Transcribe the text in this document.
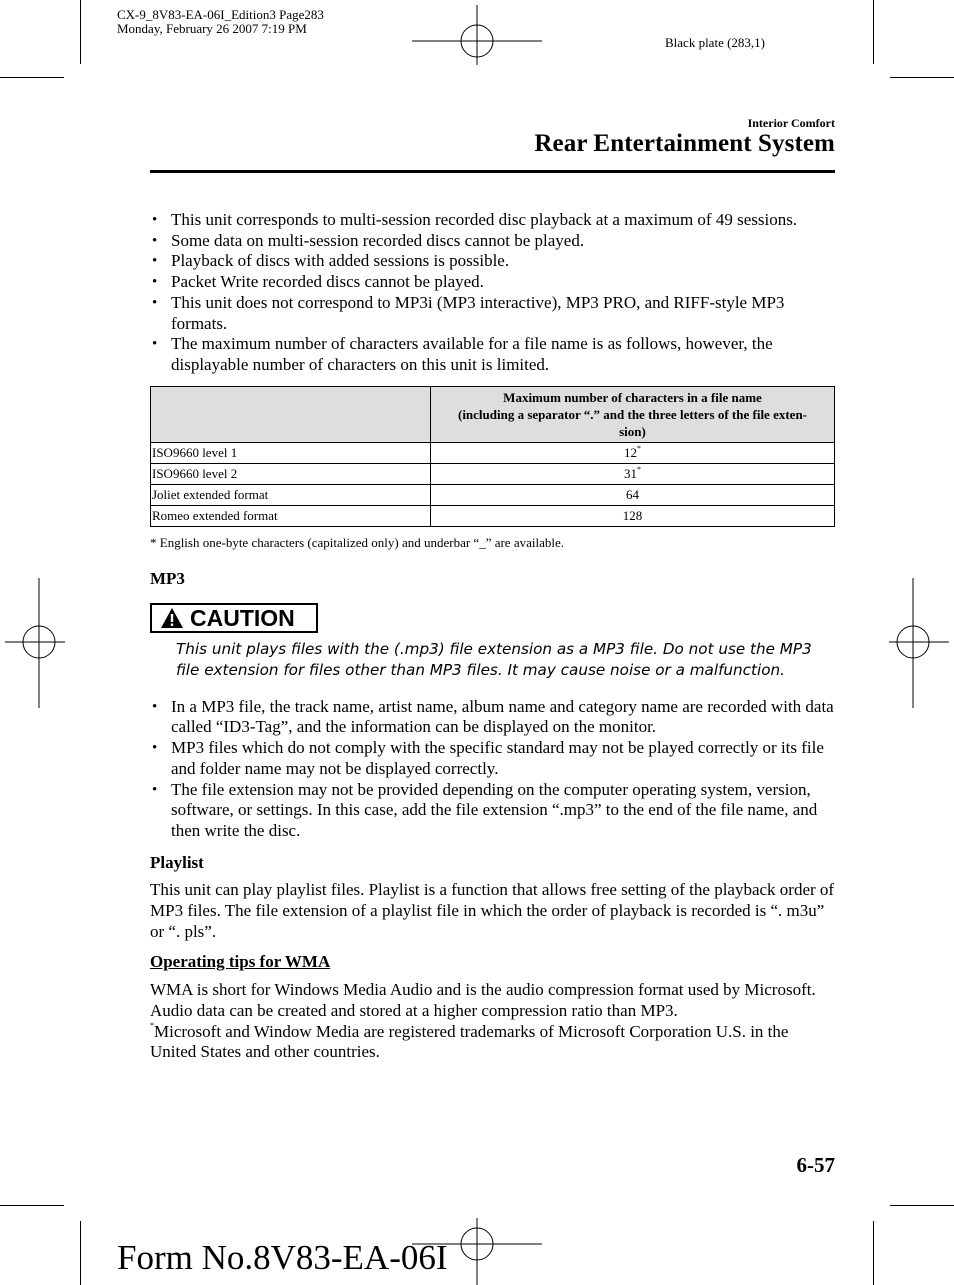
CX-9_8V83-EA-06I_Edition3 Page283
Monday, February 26 2007 7:19 PM
Black plate (283,1)
Interior Comfort
Rear Entertainment System
• This unit corresponds to multi-session recorded disc playback at a maximum of 49 sessions.
• Some data on multi-session recorded discs cannot be played.
• Playback of discs with added sessions is possible.
• Packet Write recorded discs cannot be played.
• This unit does not correspond to MP3i (MP3 interactive), MP3 PRO, and RIFF-style MP3 formats.
• The maximum number of characters available for a file name is as follows, however, the displayable number of characters on this unit is limited.
	Maximum number of characters in a file name
(including a separator “.” and the three letters of the file exten-
sion)
ISO9660 level 1	12*
ISO9660 level 2	31*
Joliet extended format	64
Romeo extended format	128
* English one-byte characters (capitalized only) and underbar “_” are available.
MP3
CAUTION

This unit plays files with the (.mp3) file extension as a MP3 file. Do not use the MP3 file extension for files other than MP3 files. It may cause noise or a malfunction.

• In a MP3 file, the track name, artist name, album name and category name are recorded with data called “ID3-Tag”, and the information can be displayed on the monitor.
• MP3 files which do not comply with the specific standard may not be played correctly or its file and folder name may not be displayed correctly.
• The file extension may not be provided depending on the computer operating system, version, software, or settings. In this case, add the file extension “.mp3” to the end of the file name, and then write the disc.
Playlist

This unit can play playlist files. Playlist is a function that allows free setting of the playback order of MP3 files. The file extension of a playlist file in which the order of playback is recorded is “. m3u” or “. pls”.

Operating tips for WMA

WMA is short for Windows Media Audio and is the audio compression format used by Microsoft.

Audio data can be created and stored at a higher compression ratio than MP3.

*Microsoft and Window Media are registered trademarks of Microsoft Corporation U.S. in the United States and other countries.

6-57
Form No.8V83-EA-06I
